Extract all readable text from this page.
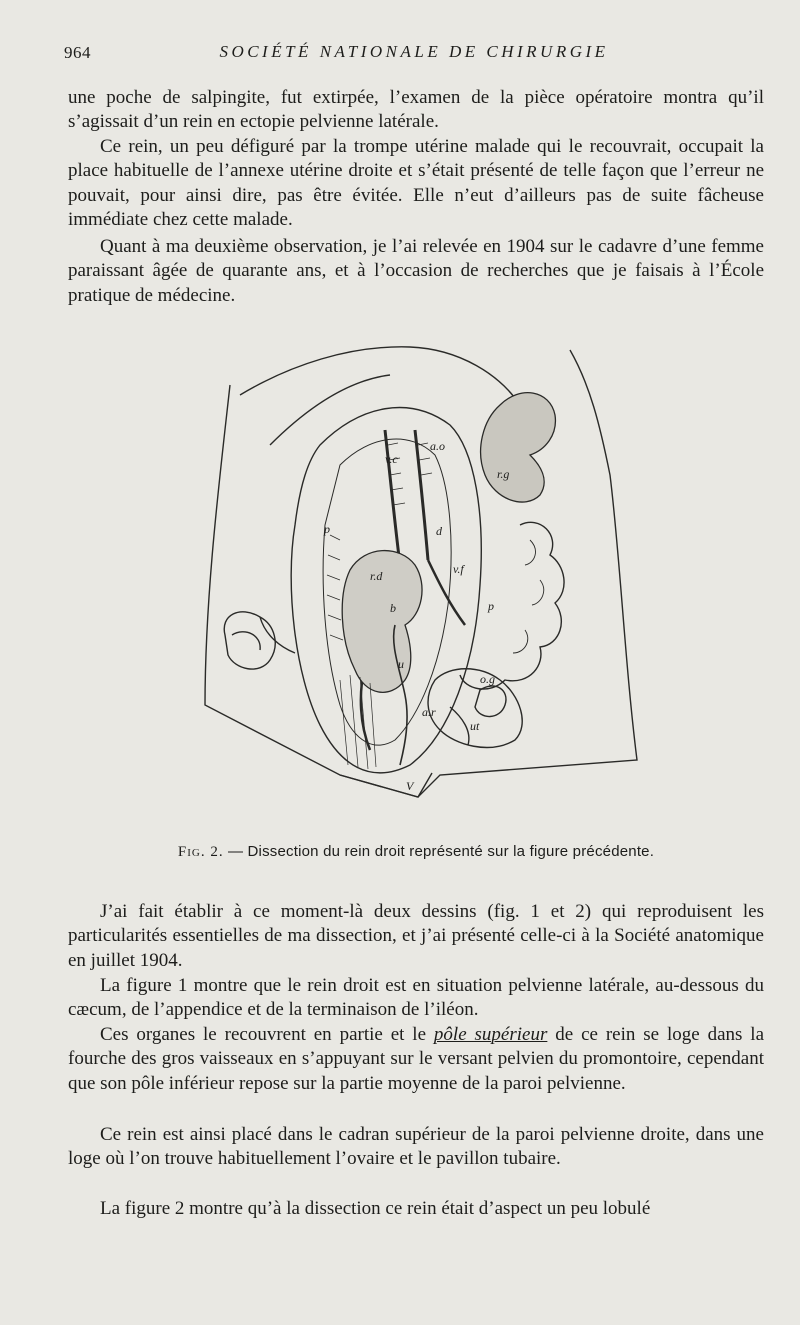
964	SOCIÉTÉ NATIONALE DE CHIRURGIE

une poche de salpingite, fut extirpée, l’examen de la pièce opératoire montra qu’il s’agissait d’un rein en ectopie pelvienne latérale.

Ce rein, un peu défiguré par la trompe utérine malade qui le recouvrait, occupait la place habituelle de l’annexe utérine droite et s’était présenté de telle façon que l’erreur ne pouvait, pour ainsi dire, pas être évitée. Elle n’eut d’ailleurs pas de suite fâcheuse immédiate chez cette malade.

Quant à ma deuxième observation, je l’ai relevée en 1904 sur le cadavre d’une femme paraissant âgée de quarante ans, et à l’occasion de recherches que je faisais à l’École pratique de médecine.

a.o
v.c
r.g
p
p
r.d
b
d
v.f
u
o.g
a.r
ut
V
Fig. 2. — Dissection du rein droit représenté sur la figure précédente.

J’ai fait établir à ce moment-là deux dessins (fig. 1 et 2) qui reproduisent les particularités essentielles de ma dissection, et j’ai présenté celle-ci à la Société anatomique en juillet 1904.

La figure 1 montre que le rein droit est en situation pelvienne latérale, au-dessous du cæcum, de l’appendice et de la terminaison de l’iléon.

Ces organes le recouvrent en partie et le pôle supérieur de ce rein se loge dans la fourche des gros vaisseaux en s’appuyant sur le versant pelvien du promontoire, cependant que son pôle inférieur repose sur la partie moyenne de la paroi pelvienne.

Ce rein est ainsi placé dans le cadran supérieur de la paroi pelvienne droite, dans une loge où l’on trouve habituellement l’ovaire et le pavillon tubaire.

La figure 2 montre qu’à la dissection ce rein était d’aspect un peu lobulé
